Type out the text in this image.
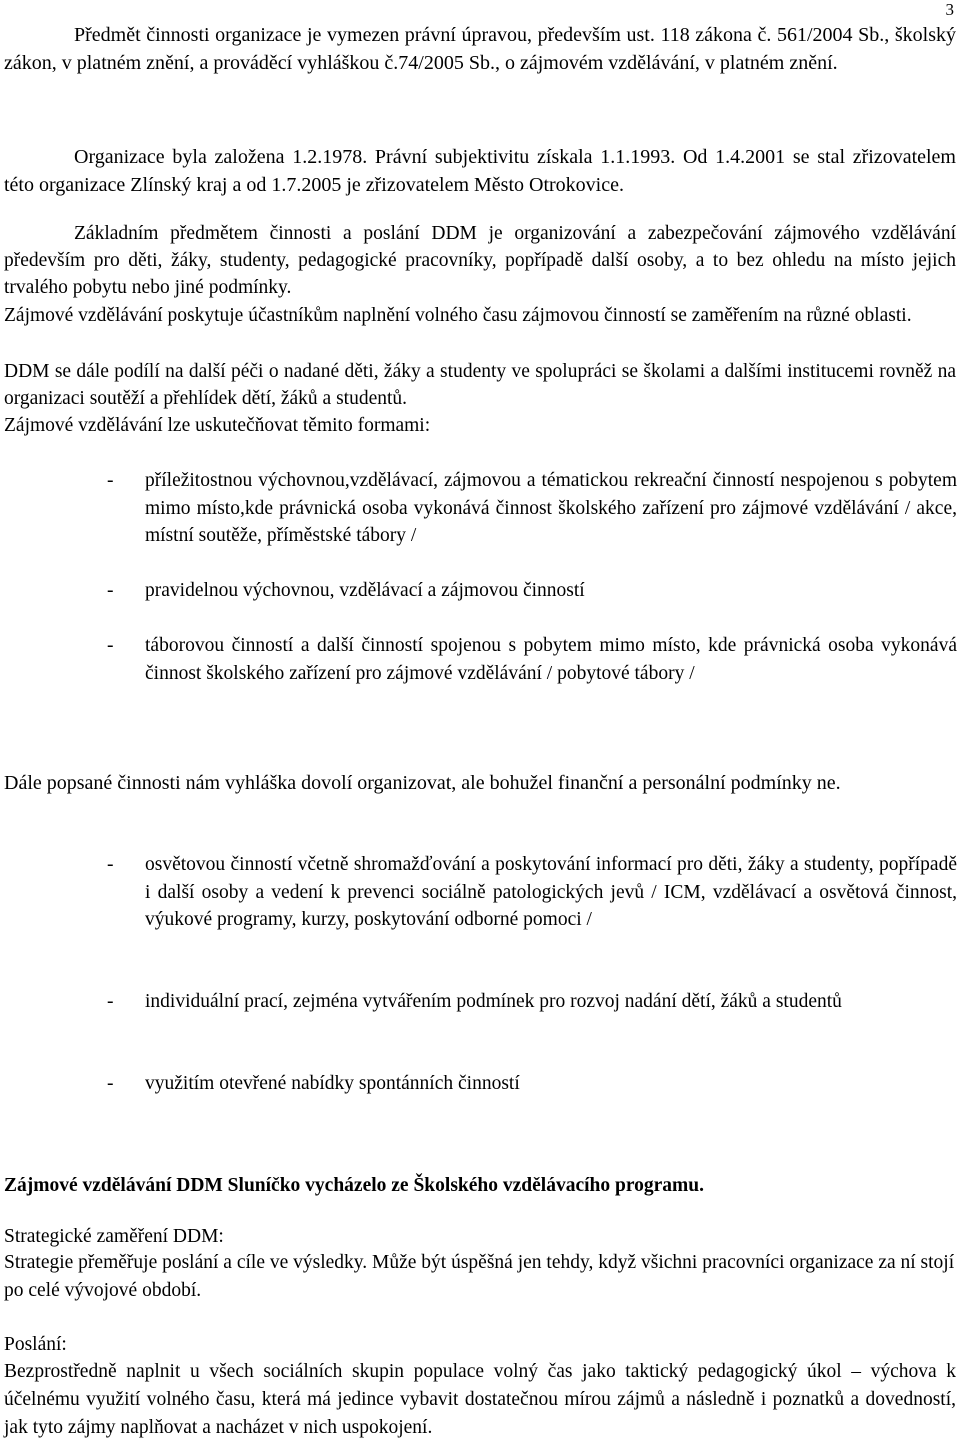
3

Předmět činnosti organizace je vymezen právní úpravou, především ust. 118 zákona č. 561/2004 Sb., školský zákon, v platném znění, a prováděcí vyhláškou č.74/2005 Sb., o zájmovém vzdělávání, v platném znění.

Organizace byla založena 1.2.1978. Právní subjektivitu získala 1.1.1993. Od 1.4.2001 se stal zřizovatelem této organizace Zlínský kraj a od 1.7.2005 je zřizovatelem Město Otrokovice.

Základním předmětem činnosti a poslání DDM je organizování a zabezpečování zájmového vzdělávání především pro děti, žáky, studenty, pedagogické pracovníky, popřípadě další osoby, a to bez ohledu na místo jejich trvalého pobytu nebo jiné podmínky.

Zájmové vzdělávání poskytuje účastníkům naplnění volného času zájmovou činností se zaměřením na různé oblasti.

DDM se dále podílí na další péči o nadané děti, žáky a studenty ve spolupráci se školami a dalšími institucemi rovněž na organizaci soutěží a přehlídek dětí, žáků a studentů.

Zájmové vzdělávání lze uskutečňovat těmito formami:

- příležitostnou výchovnou,vzdělávací, zájmovou a tématickou rekreační činností nespojenou s pobytem mimo místo,kde právnická osoba vykonává činnost školského zařízení pro zájmové vzdělávání / akce, místní soutěže, příměstské tábory /

- pravidelnou výchovnou, vzdělávací a zájmovou činností

- táborovou činností a další činností spojenou s pobytem mimo místo, kde právnická osoba vykonává činnost školského zařízení pro zájmové vzdělávání / pobytové tábory /

Dále popsané činnosti nám vyhláška dovolí organizovat, ale bohužel finanční a personální podmínky ne.

- osvětovou činností včetně shromažďování a poskytování informací pro děti, žáky a studenty, popřípadě i další osoby a vedení k prevenci sociálně patologických jevů / ICM, vzdělávací a osvětová činnost, výukové programy, kurzy, poskytování odborné pomoci /

- individuální prací, zejména vytvářením podmínek pro rozvoj nadání dětí, žáků a studentů

- využitím otevřené nabídky spontánních činností

Zájmové vzdělávání DDM Sluníčko vycházelo ze Školského vzdělávacího programu.

Strategické zaměření DDM:

Strategie přeměřuje poslání a cíle ve výsledky. Může být úspěšná jen tehdy, když všichni pracovníci organizace za ní stojí po celé vývojové období.

Poslání:

Bezprostředně naplnit u všech sociálních skupin populace volný čas jako taktický pedagogický úkol – výchova k účelnému využití volného času, která má jedince vybavit dostatečnou mírou zájmů a následně i poznatků a dovedností, jak tyto zájmy naplňovat a nacházet v nich uspokojení.
